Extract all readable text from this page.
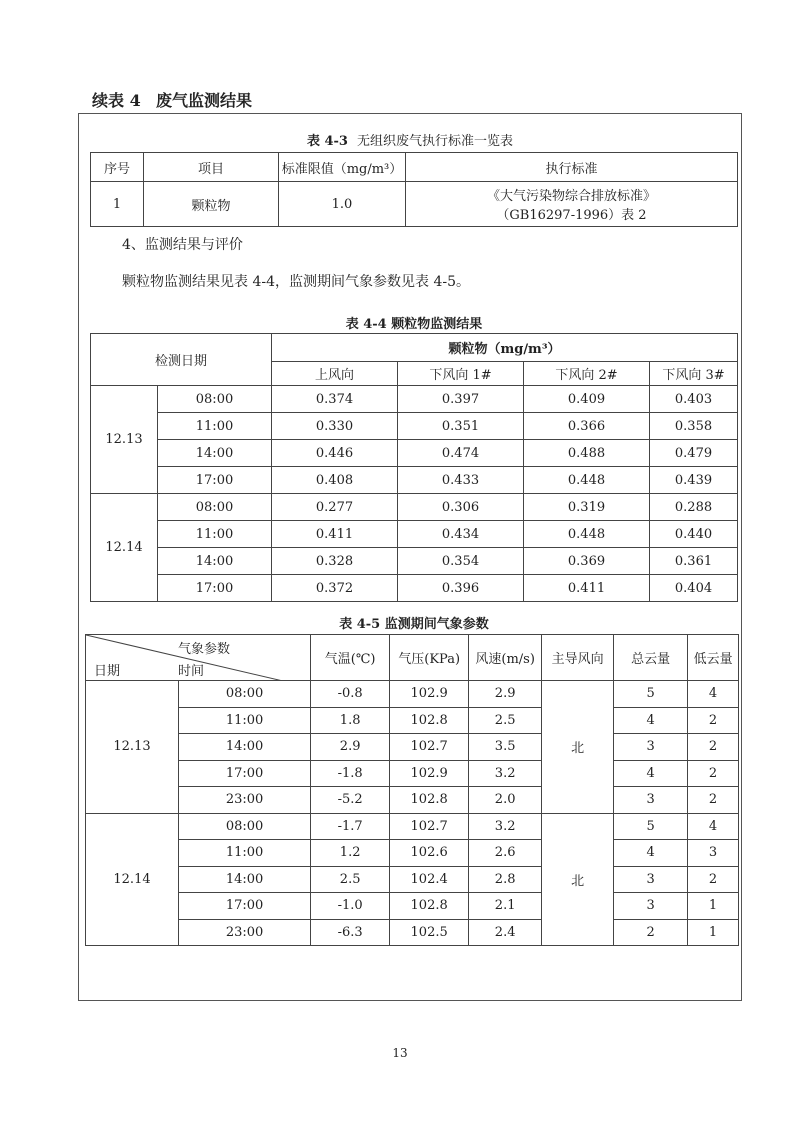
续表 4 废气监测结果
表 4-3 无组织废气执行标准一览表
序号	项目	标准限值（mg/m³）	执行标准
1	颗粒物	1.0	《大气污染物综合排放标准》
（GB16297-1996）表 2
4、监测结果与评价
颗粒物监测结果见表 4-4，监测期间气象参数见表 4-5。
表 4-4 颗粒物监测结果
检测日期		颗粒物（mg/m³）			
		上风向	下风向 1#	下风向 2#	下风向 3#
12.13	08:00	0.374	0.397	0.409	0.403
	11:00	0.330	0.351	0.366	0.358
	14:00	0.446	0.474	0.488	0.479
	17:00	0.408	0.433	0.448	0.439
12.14	08:00	0.277	0.306	0.319	0.288
	11:00	0.411	0.434	0.448	0.440
	14:00	0.328	0.354	0.369	0.361
	17:00	0.372	0.396	0.411	0.404
表 4-5 监测期间气象参数
气象参数
时间
日期		气温(℃)	气压(KPa)	风速(m/s)	主导风向	总云量	低云量
12.13	08:00	-0.8	102.9	2.9	北	5	4
	11:00	1.8	102.8	2.5		4	2
	14:00	2.9	102.7	3.5		3	2
	17:00	-1.8	102.9	3.2		4	2
	23:00	-5.2	102.8	2.0		3	2
12.14	08:00	-1.7	102.7	3.2	北	5	4
	11:00	1.2	102.6	2.6		4	3
	14:00	2.5	102.4	2.8		3	2
	17:00	-1.0	102.8	2.1		3	1
	23:00	-6.3	102.5	2.4		2	1
13
